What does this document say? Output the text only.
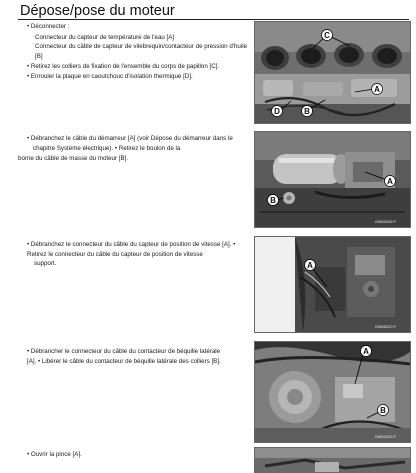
Dépose/pose du moteur
• Déconnecter :
Connecteur du capteur de température de l'eau [A]
Connecteur du câble de capteur de vilebrequin/contacteur de pression d'huile
[B]
• Retirez les colliers de fixation de l'ensemble du corps de papillon [C].
• Enrouler la plaque en caoutchouc d'isolation thermique [D].
C
A
B
D
• Débranchez le câble du démarreur [A] (voir Dépose du démarreur dans le
chapitre Système électrique). • Retirez le boulon de la
borne du câble de masse du moteur [B].
A
B
GM04228 F
• Débranchez le connecteur du câble du capteur de position de vitesse [A]. •
Retirez le connecteur du câble du capteur de position de vitesse
support.	A
GM06229 F
• Débrancher le connecteur du câble du contacteur de béquille latérale
[A]. • Libérer le câble du contacteur de béquille latérale des colliers [B].
A
B
GM04233 F
• Ouvrir la pince [A].
